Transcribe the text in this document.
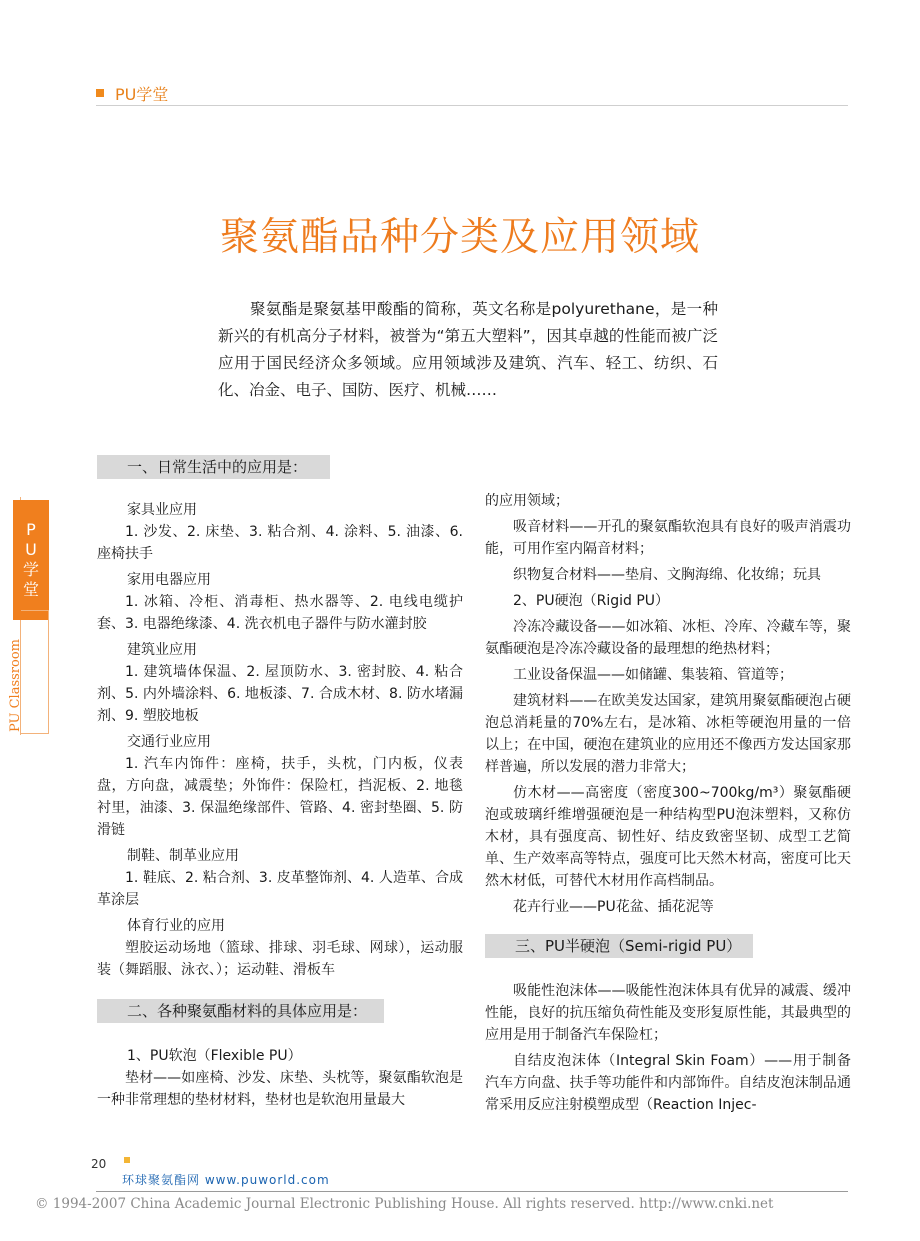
PU学堂
聚氨酯品种分类及应用领域

聚氨酯是聚氨基甲酸酯的简称，英文名称是polyurethane，是一种新兴的有机高分子材料，被誉为“第五大塑料”，因其卓越的性能而被广泛应用于国民经济众多领域。应用领域涉及建筑、汽车、轻工、纺织、石化、冶金、电子、国防、医疗、机械……

PU学堂
PU Classroom
一、日常生活中的应用是：

家具业应用

1. 沙发、2. 床垫、3. 粘合剂、4. 涂料、5. 油漆、6. 座椅扶手

家用电器应用

1. 冰箱、冷柜、消毒柜、热水器等、2. 电线电缆护套、3. 电器绝缘漆、4. 洗衣机电子器件与防水灌封胶

建筑业应用

1. 建筑墙体保温、2. 屋顶防水、3. 密封胶、4. 粘合剂、5. 内外墙涂料、6. 地板漆、7. 合成木材、8. 防水堵漏剂、9. 塑胶地板

交通行业应用

1. 汽车内饰件：座椅，扶手，头枕，门内板，仪表盘，方向盘，减震垫；外饰件：保险杠，挡泥板、2. 地毯衬里，油漆、3. 保温绝缘部件、管路、4. 密封垫圈、5. 防滑链

制鞋、制革业应用

1. 鞋底、2. 粘合剂、3. 皮革整饰剂、4. 人造革、合成革涂层

体育行业的应用

塑胶运动场地（篮球、排球、羽毛球、网球），运动服装（舞蹈服、泳衣、）；运动鞋、滑板车

二、各种聚氨酯材料的具体应用是：

1、PU软泡（Flexible PU）

垫材——如座椅、沙发、床垫、头枕等，聚氨酯软泡是一种非常理想的垫材材料，垫材也是软泡用量最大

的应用领域；

吸音材料——开孔的聚氨酯软泡具有良好的吸声消震功能，可用作室内隔音材料；

织物复合材料——垫肩、文胸海绵、化妆绵；玩具

2、PU硬泡（Rigid PU）

冷冻冷藏设备——如冰箱、冰柜、冷库、冷藏车等，聚氨酯硬泡是冷冻冷藏设备的最理想的绝热材料；

工业设备保温——如储罐、集装箱、管道等；

建筑材料——在欧美发达国家，建筑用聚氨酯硬泡占硬泡总消耗量的70%左右，是冰箱、冰柜等硬泡用量的一倍以上；在中国，硬泡在建筑业的应用还不像西方发达国家那样普遍，所以发展的潜力非常大；

仿木材——高密度（密度300~700kg/m³）聚氨酯硬泡或玻璃纤维增强硬泡是一种结构型PU泡沫塑料，又称仿木材，具有强度高、韧性好、结皮致密坚韧、成型工艺简单、生产效率高等特点，强度可比天然木材高，密度可比天然木材低，可替代木材用作高档制品。

花卉行业——PU花盆、插花泥等

三、PU半硬泡（Semi-rigid PU）

吸能性泡沫体——吸能性泡沫体具有优异的减震、缓冲性能，良好的抗压缩负荷性能及变形复原性能，其最典型的应用是用于制备汽车保险杠；

自结皮泡沫体（Integral Skin Foam）——用于制备汽车方向盘、扶手等功能件和内部饰件。自结皮泡沫制品通常采用反应注射模塑成型（Reaction Injec-

20
环球聚氨酯网 www.puworld.com
© 1994-2007 China Academic Journal Electronic Publishing House. All rights reserved. http://www.cnki.net
